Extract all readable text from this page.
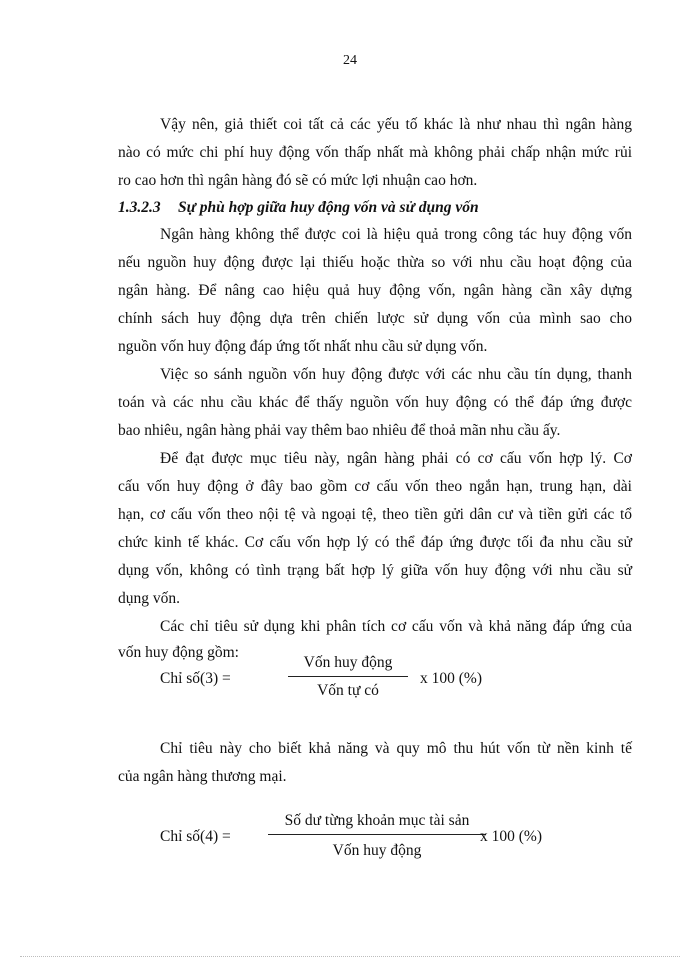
24
Vậy nên, giả thiết coi tất cả các yếu tố khác là như nhau thì ngân hàng
nào có mức chi phí huy động vốn thấp nhất mà không phải chấp nhận mức rủi
ro cao hơn thì ngân hàng đó sẽ có mức lợi nhuận cao hơn.
1.3.2.3 Sự phù hợp giữa huy động vốn và sử dụng vốn
Ngân hàng không thể được coi là hiệu quả trong công tác huy động vốn
nếu nguồn huy động được lại thiếu hoặc thừa so với nhu cầu hoạt động của
ngân hàng. Để nâng cao hiệu quả huy động vốn, ngân hàng cần xây dựng
chính sách huy động dựa trên chiến lược sử dụng vốn của mình sao cho
nguồn vốn huy động đáp ứng tốt nhất nhu cầu sử dụng vốn.
Việc so sánh nguồn vốn huy động được với các nhu cầu tín dụng, thanh
toán và các nhu cầu khác để thấy nguồn vốn huy động có thể đáp ứng được
bao nhiêu, ngân hàng phải vay thêm bao nhiêu để thoả mãn nhu cầu ấy.
Để đạt được mục tiêu này, ngân hàng phải có cơ cấu vốn hợp lý. Cơ
cấu vốn huy động ở đây bao gồm cơ cấu vốn theo ngắn hạn, trung hạn, dài
hạn, cơ cấu vốn theo nội tệ và ngoại tệ, theo tiền gửi dân cư và tiền gửi các tổ
chức kinh tế khác. Cơ cấu vốn hợp lý có thể đáp ứng được tối đa nhu cầu sử
dụng vốn, không có tình trạng bất hợp lý giữa vốn huy động với nhu cầu sử
dụng vốn.
Các chỉ tiêu sử dụng khi phân tích cơ cấu vốn và khả năng đáp ứng của
vốn huy động gồm:
Chỉ số(3) =
Vốn huy động
Vốn tự có
x 100 (%)
Chỉ tiêu này cho biết khả năng và quy mô thu hút vốn từ nền kinh tế
của ngân hàng thương mại.
Chỉ số(4) =
Số dư từng khoản mục tài sản
Vốn huy động
x 100 (%)
